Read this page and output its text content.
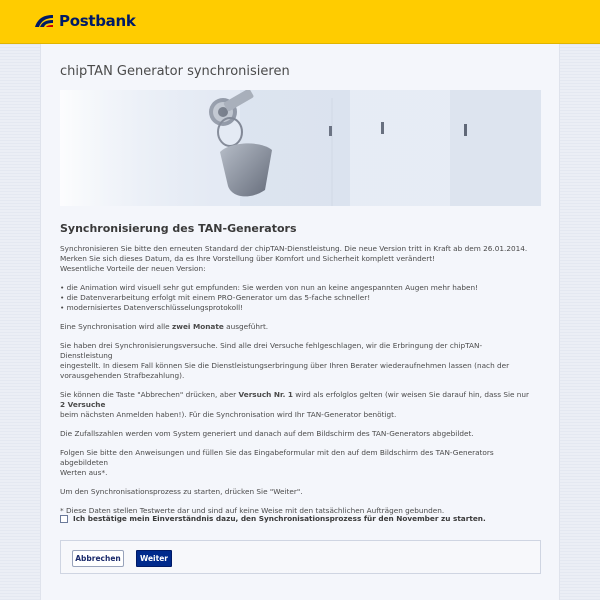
Postbank
chipTAN Generator synchronisieren
Synchronisierung des TAN-Generators

Synchronisieren Sie bitte den erneuten Standard der chipTAN-Dienstleistung. Die neue Version tritt in Kraft ab dem 26.01.2014.
Merken Sie sich dieses Datum, da es Ihre Vorstellung über Komfort und Sicherheit komplett verändert!
Wesentliche Vorteile der neuen Version:

• die Animation wird visuell sehr gut empfunden: Sie werden von nun an keine angespannten Augen mehr haben!
• die Datenverarbeitung erfolgt mit einem PRO-Generator um das 5-fache schneller!
• modernisiertes Datenverschlüsselungsprotokoll!

Eine Synchronisation wird alle zwei Monate ausgeführt.

Sie haben drei Synchronisierungsversuche. Sind alle drei Versuche fehlgeschlagen, wir die Erbringung der chipTAN-Dienstleistung
eingestellt. In diesem Fall können Sie die Dienstleistungserbringung über Ihren Berater wiederaufnehmen lassen (nach der
vorausgehenden Strafbezahlung).

Sie können die Taste "Abbrechen" drücken, aber Versuch Nr. 1 wird als erfolglos gelten (wir weisen Sie darauf hin, dass Sie nur 2 Versuche
beim nächsten Anmelden haben!). Für die Synchronisation wird Ihr TAN-Generator benötigt.

Die Zufallszahlen werden vom System generiert und danach auf dem Bildschirm des TAN-Generators abgebildet.

Folgen Sie bitte den Anweisungen und füllen Sie das Eingabeformular mit den auf dem Bildschirm des TAN-Generators abgebildeten
Werten aus*.

Um den Synchronisationsprozess zu starten, drücken Sie "Weiter".

* Diese Daten stellen Testwerte dar und sind auf keine Weise mit den tatsächlichen Aufträgen gebunden.

Ich bestätige mein Einverständnis dazu, den Synchronisationsprozess für den November zu starten.
Abbrechen	Weiter
